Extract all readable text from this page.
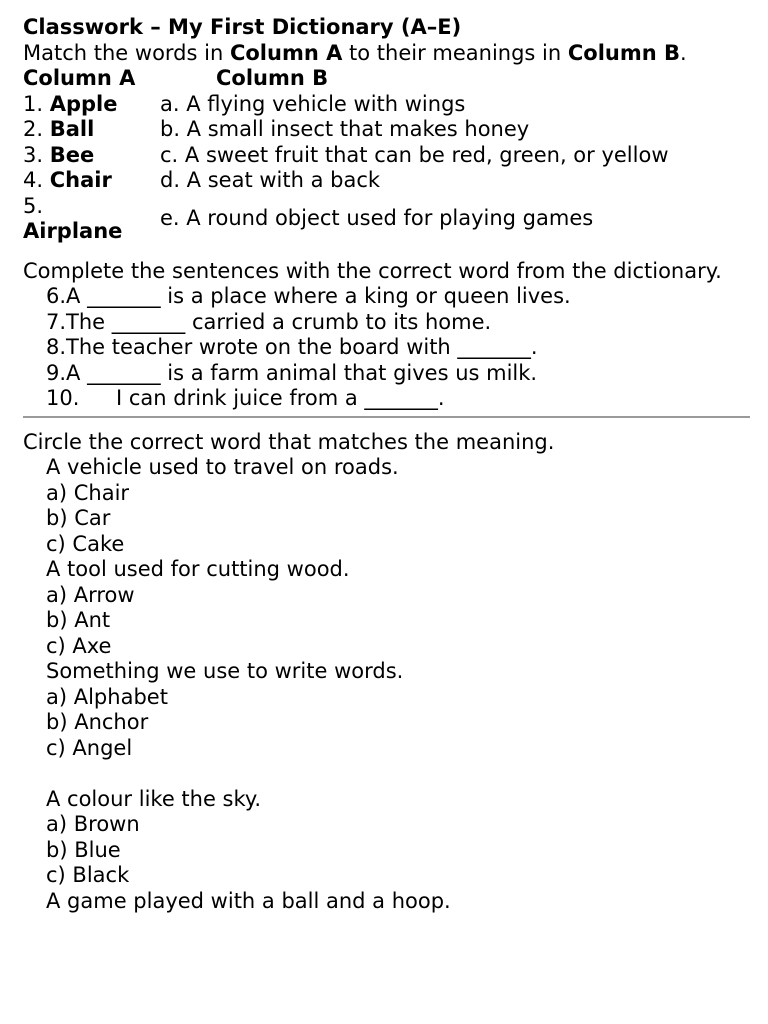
Classwork – My First Dictionary (A–E)
Match the words in Column A to their meanings in Column B.
Column A	Column B
1. Apple	a. A flying vehicle with wings
2. Ball	b. A small insect that makes honey
3. Bee	c. A sweet fruit that can be red, green, or yellow
4. Chair	d. A seat with a back
5.
Airplane	e. A round object used for playing games
Complete the sentences with the correct word from the dictionary.
6.A _______ is a place where a king or queen lives.
7.The _______ carried a crumb to its home.
8.The teacher wrote on the board with _______.
9.A _______ is a farm animal that gives us milk.
10. I can drink juice from a _______.
Circle the correct word that matches the meaning.
A vehicle used to travel on roads.
a) Chair
b) Car
c) Cake
A tool used for cutting wood.
a) Arrow
b) Ant
c) Axe
Something we use to write words.
a) Alphabet
b) Anchor
c) Angel
A colour like the sky.
a) Brown
b) Blue
c) Black
A game played with a ball and a hoop.
